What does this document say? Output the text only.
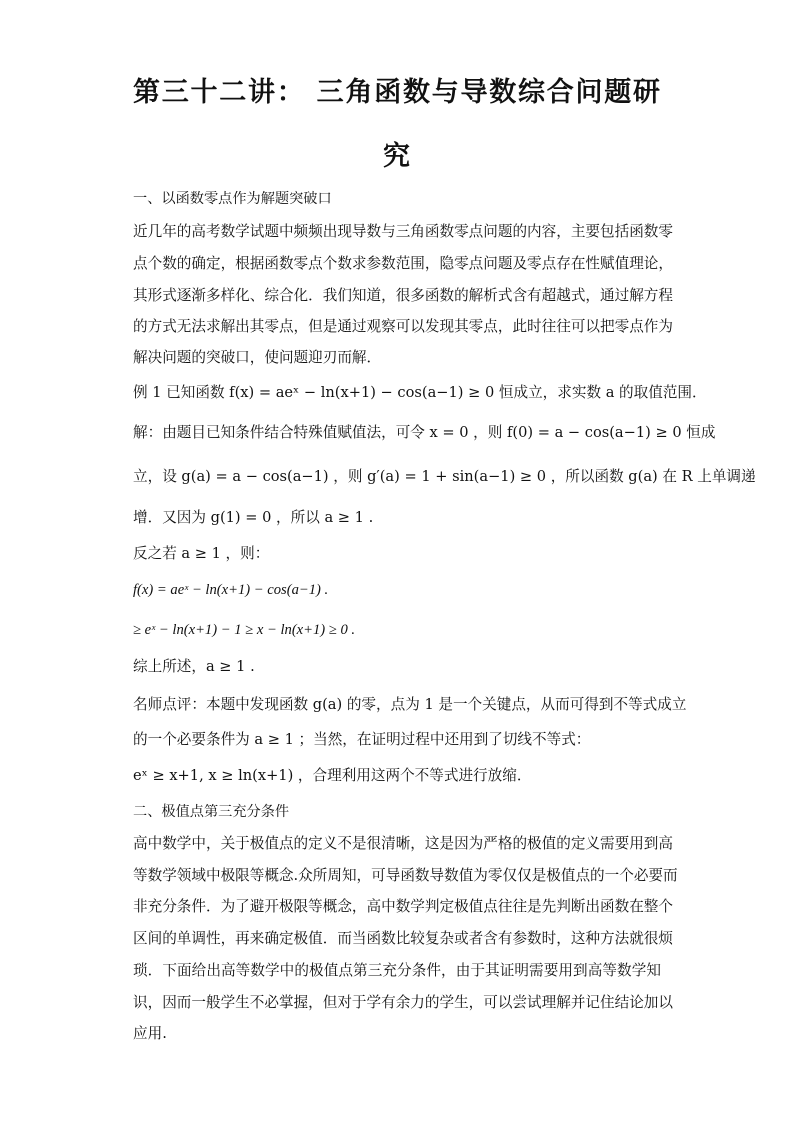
第三十二讲： 三角函数与导数综合问题研
究
一、以函数零点作为解题突破口
近几年的高考数学试题中频频出现导数与三角函数零点问题的内容，主要包括函数零
点个数的确定，根据函数零点个数求参数范围，隐零点问题及零点存在性赋值理论，
其形式逐渐多样化、综合化．我们知道，很多函数的解析式含有超越式，通过解方程
的方式无法求解出其零点，但是通过观察可以发现其零点，此时往往可以把零点作为
解决问题的突破口，使问题迎刃而解．
例 1 已知函数 f(x) = aeˣ − ln(x+1) − cos(a−1) ≥ 0 恒成立，求实数 a 的取值范围．
解：由题目已知条件结合特殊值赋值法，可令 x = 0 ，则 f(0) = a − cos(a−1) ≥ 0 恒成
立，设 g(a) = a − cos(a−1) ，则 g′(a) = 1 + sin(a−1) ≥ 0 ，所以函数 g(a) 在 R 上单调递
增．又因为 g(1) = 0 ，所以 a ≥ 1 .
反之若 a ≥ 1 ，则：
f(x) = aeˣ − ln(x+1) − cos(a−1) .
≥ eˣ − ln(x+1) − 1 ≥ x − ln(x+1) ≥ 0 .
综上所述，a ≥ 1 .
名师点评：本题中发现函数 g(a) 的零，点为 1 是一个关键点，从而可得到不等式成立
的一个必要条件为 a ≥ 1 ；当然，在证明过程中还用到了切线不等式：
eˣ ≥ x+1, x ≥ ln(x+1) ，合理利用这两个不等式进行放缩．
二、极值点第三充分条件
高中数学中，关于极值点的定义不是很清晰，这是因为严格的极值的定义需要用到高
等数学领域中极限等概念.众所周知，可导函数导数值为零仅仅是极值点的一个必要而
非充分条件．为了避开极限等概念，高中数学判定极值点往往是先判断出函数在整个
区间的单调性，再来确定极值．而当函数比较复杂或者含有参数时，这种方法就很烦
琐．下面给出高等数学中的极值点第三充分条件，由于其证明需要用到高等数学知
识，因而一般学生不必掌握，但对于学有余力的学生，可以尝试理解并记住结论加以
应用.
